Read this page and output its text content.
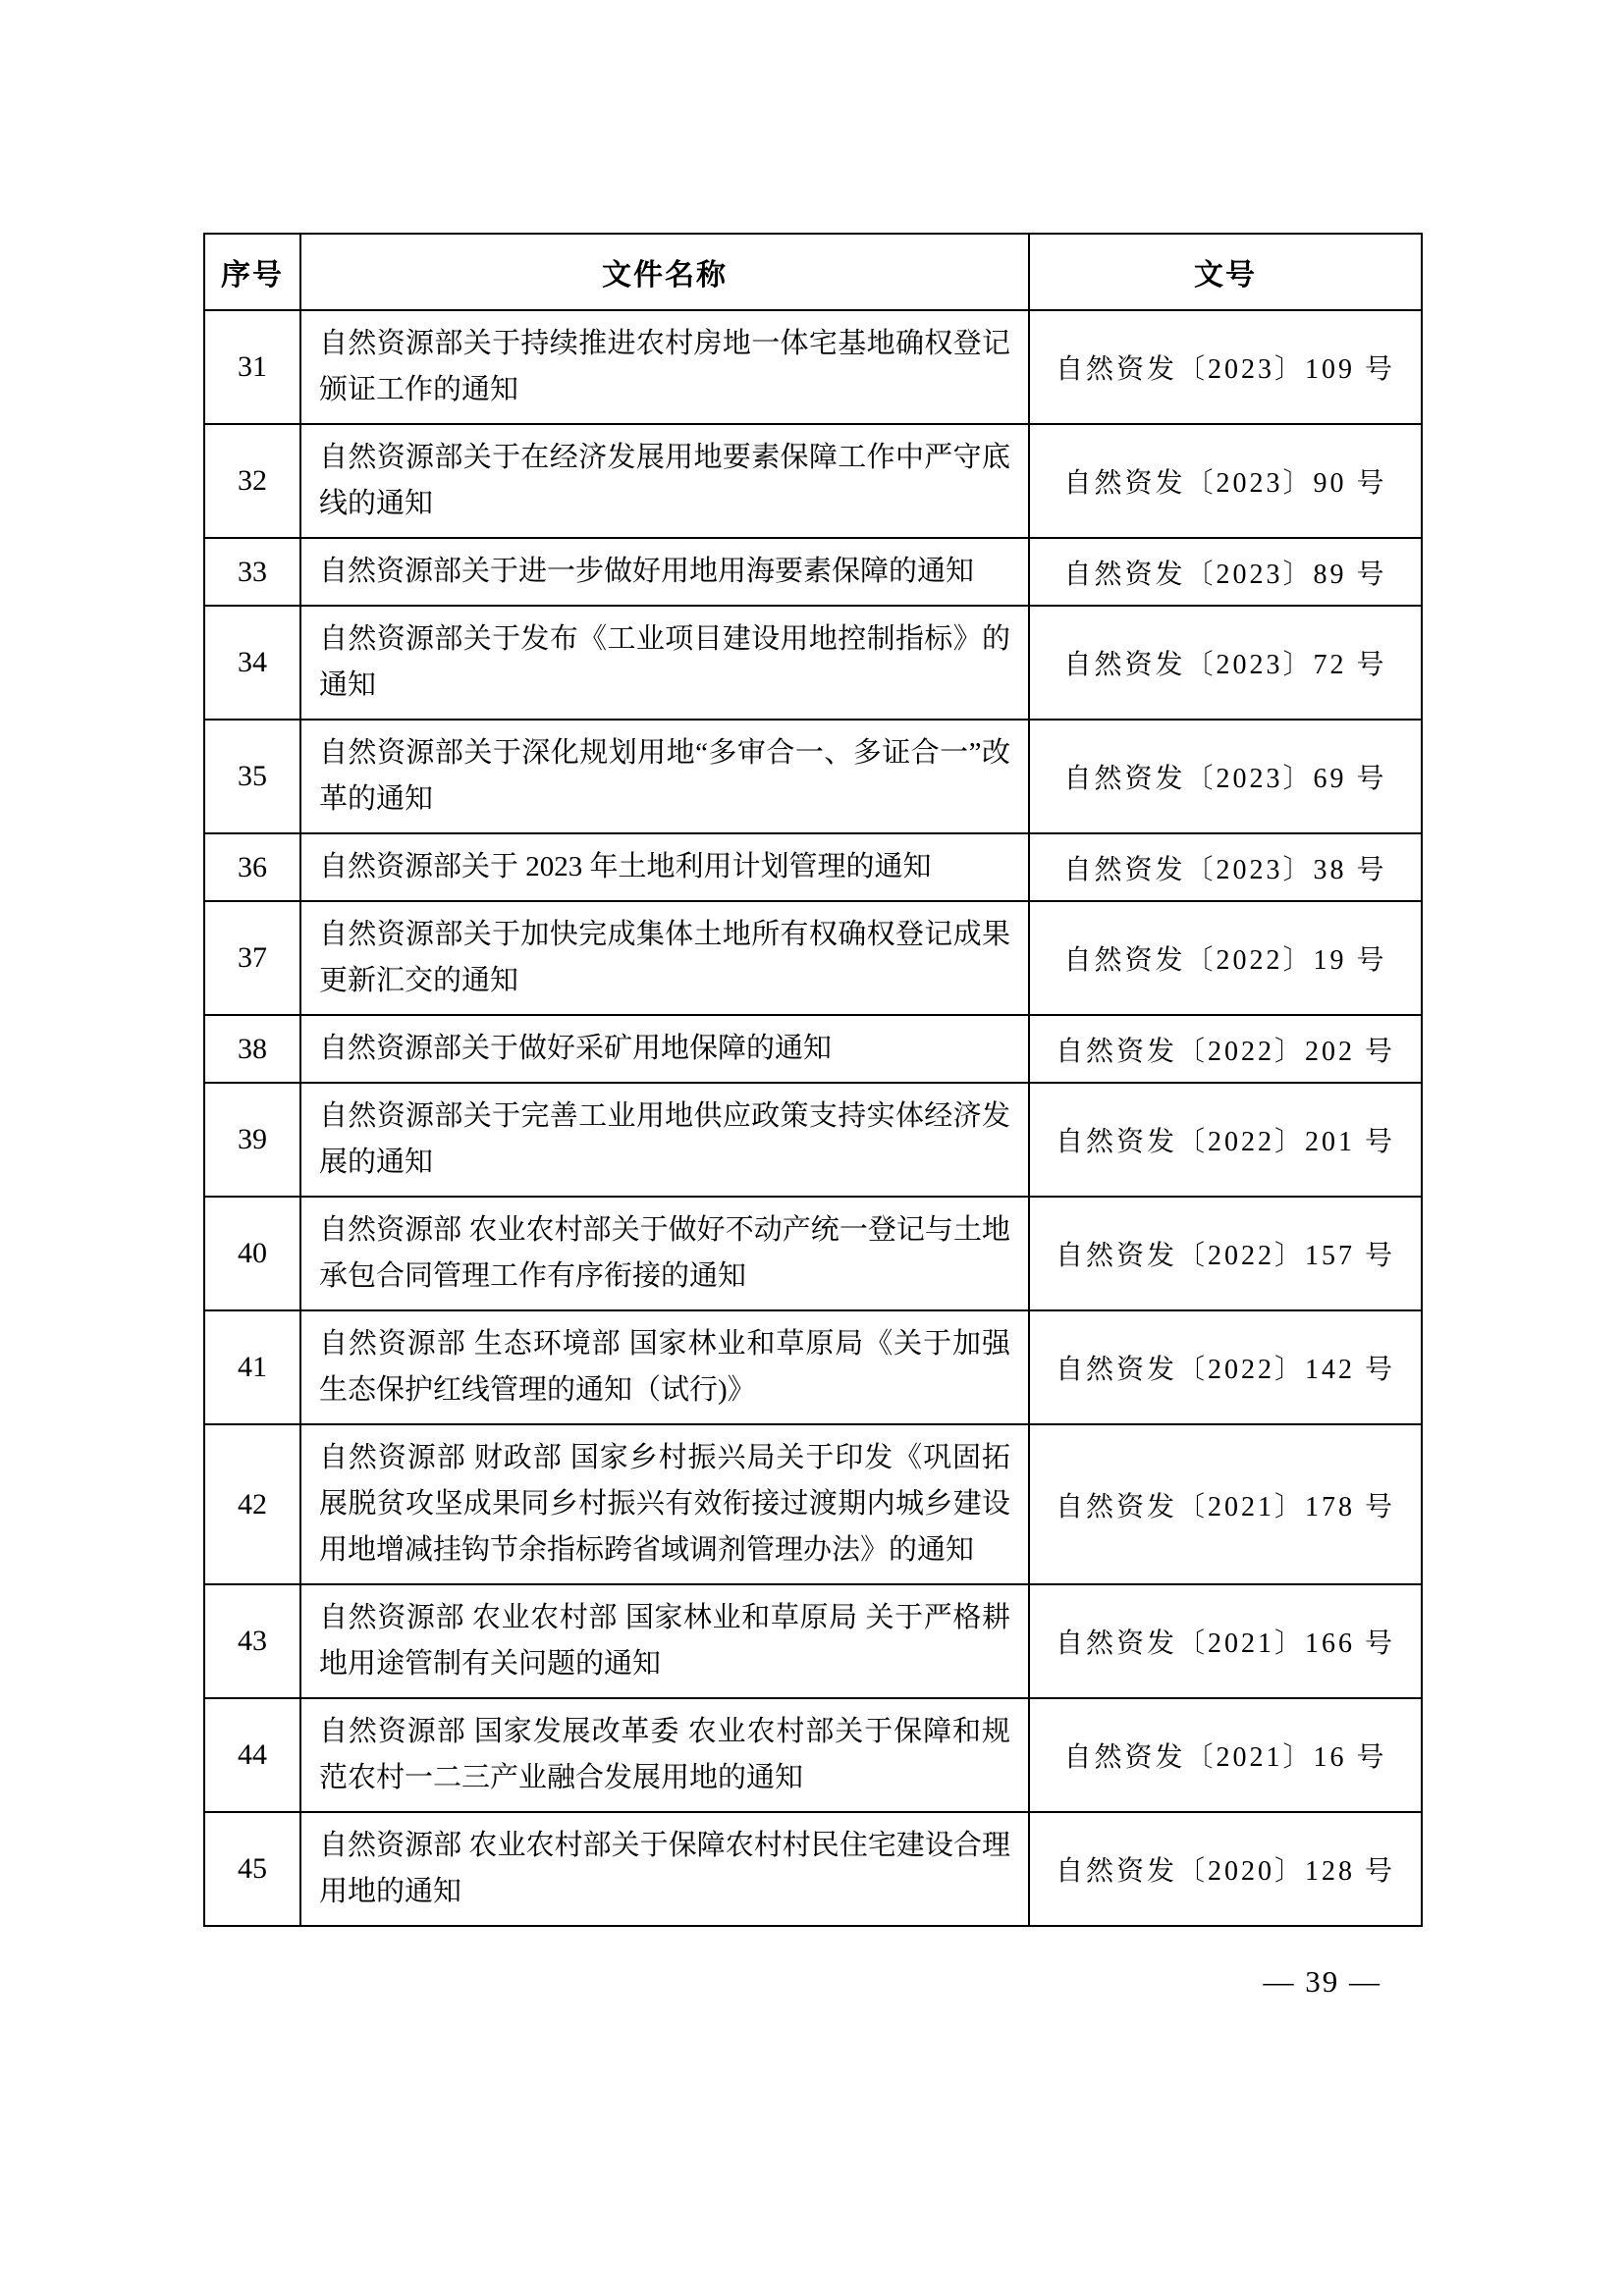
序号	文件名称	文号
31	自然资源部关于持续推进农村房地一体宅基地确权登记颁证工作的通知	自然资发〔2023〕109 号
32	自然资源部关于在经济发展用地要素保障工作中严守底线的通知	自然资发〔2023〕90 号
33	自然资源部关于进一步做好用地用海要素保障的通知	自然资发〔2023〕89 号
34	自然资源部关于发布《工业项目建设用地控制指标》的通知	自然资发〔2023〕72 号
35	自然资源部关于深化规划用地“多审合一、多证合一”改革的通知	自然资发〔2023〕69 号
36	自然资源部关于 2023 年土地利用计划管理的通知	自然资发〔2023〕38 号
37	自然资源部关于加快完成集体土地所有权确权登记成果更新汇交的通知	自然资发〔2022〕19 号
38	自然资源部关于做好采矿用地保障的通知	自然资发〔2022〕202 号
39	自然资源部关于完善工业用地供应政策支持实体经济发展的通知	自然资发〔2022〕201 号
40	自然资源部 农业农村部关于做好不动产统一登记与土地承包合同管理工作有序衔接的通知	自然资发〔2022〕157 号
41	自然资源部 生态环境部 国家林业和草原局《关于加强生态保护红线管理的通知（试行)》	自然资发〔2022〕142 号
42	自然资源部 财政部 国家乡村振兴局关于印发《巩固拓展脱贫攻坚成果同乡村振兴有效衔接过渡期内城乡建设用地增减挂钩节余指标跨省域调剂管理办法》的通知	自然资发〔2021〕178 号
43	自然资源部 农业农村部 国家林业和草原局 关于严格耕地用途管制有关问题的通知	自然资发〔2021〕166 号
44	自然资源部 国家发展改革委 农业农村部关于保障和规范农村一二三产业融合发展用地的通知	自然资发〔2021〕16 号
45	自然资源部 农业农村部关于保障农村村民住宅建设合理用地的通知	自然资发〔2020〕128 号
— 39 —
